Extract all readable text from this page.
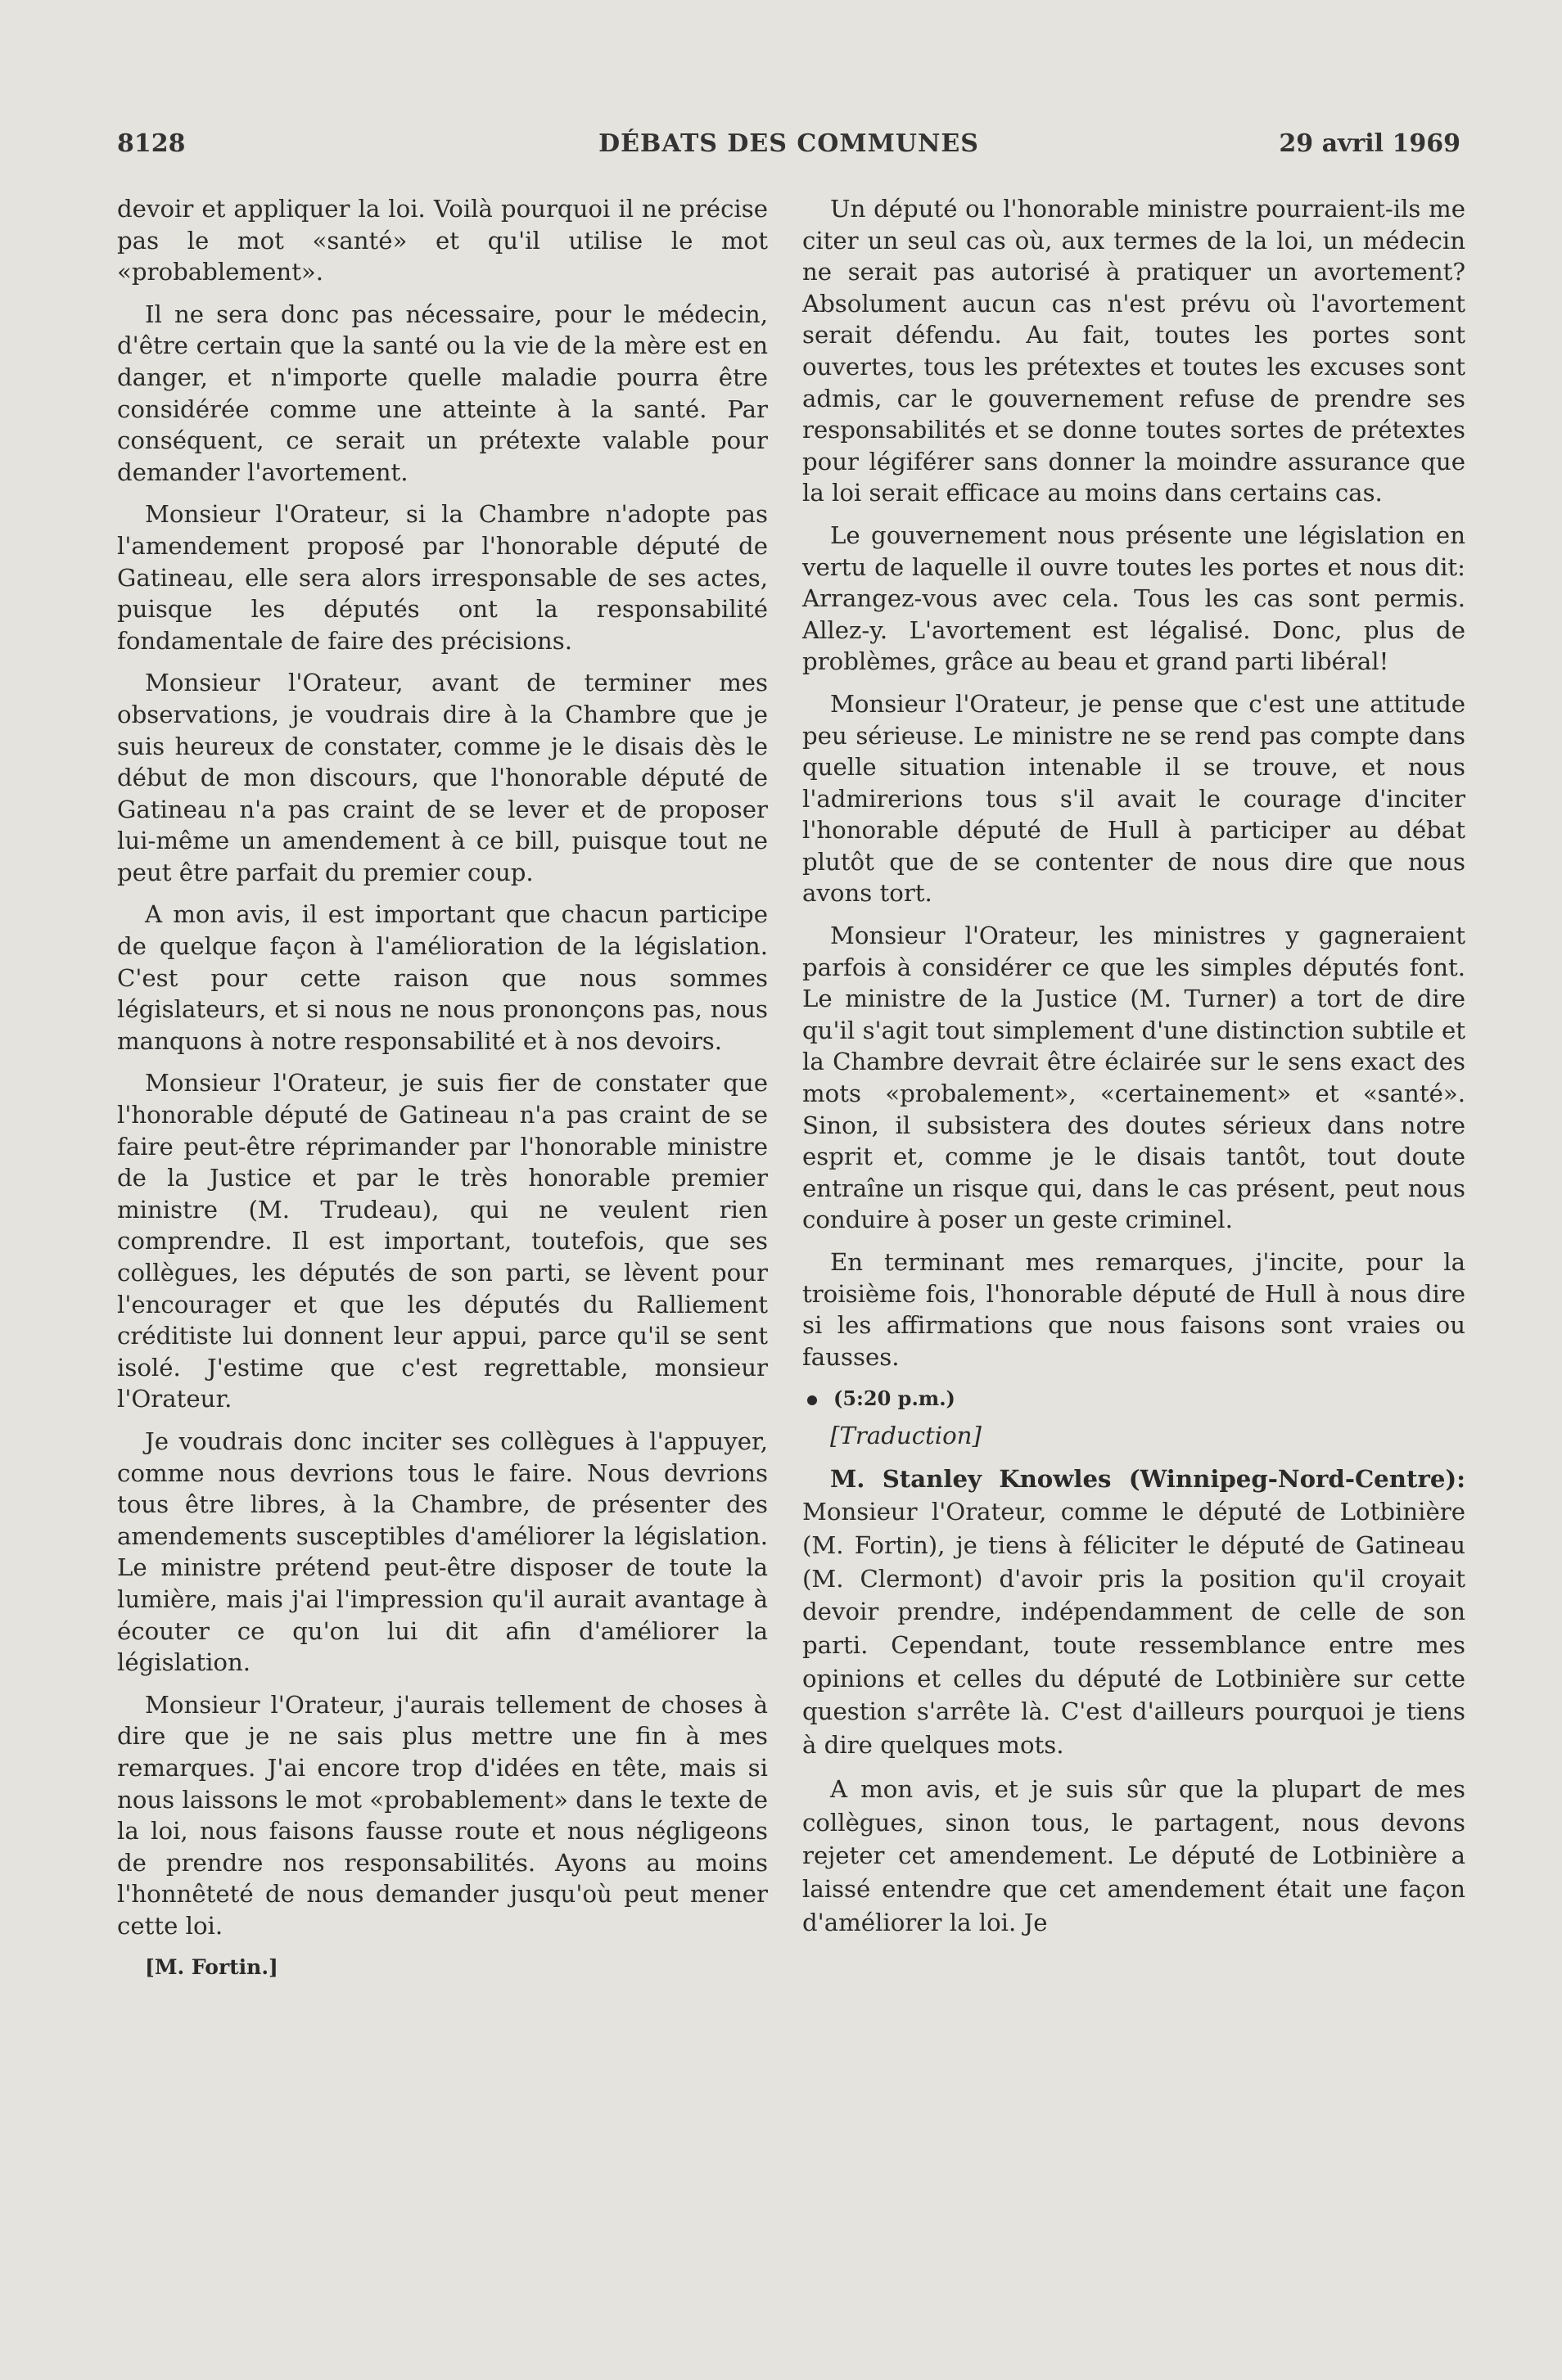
8128	DÉBATS DES COMMUNES	29 avril 1969

devoir et appliquer la loi. Voilà pourquoi il ne précise pas le mot «santé» et qu'il utilise le mot «probablement».

Il ne sera donc pas nécessaire, pour le médecin, d'être certain que la santé ou la vie de la mère est en danger, et n'importe quelle maladie pourra être considérée comme une atteinte à la santé. Par conséquent, ce serait un prétexte valable pour demander l'avortement.

Monsieur l'Orateur, si la Chambre n'adopte pas l'amendement proposé par l'honorable député de Gatineau, elle sera alors irresponsable de ses actes, puisque les députés ont la responsabilité fondamentale de faire des précisions.

Monsieur l'Orateur, avant de terminer mes observations, je voudrais dire à la Chambre que je suis heureux de constater, comme je le disais dès le début de mon discours, que l'honorable député de Gatineau n'a pas craint de se lever et de proposer lui-même un amendement à ce bill, puisque tout ne peut être parfait du premier coup.

A mon avis, il est important que chacun participe de quelque façon à l'amélioration de la législation. C'est pour cette raison que nous sommes législateurs, et si nous ne nous prononçons pas, nous manquons à notre responsabilité et à nos devoirs.

Monsieur l'Orateur, je suis fier de constater que l'honorable député de Gatineau n'a pas craint de se faire peut-être réprimander par l'honorable ministre de la Justice et par le très honorable premier ministre (M. Trudeau), qui ne veulent rien comprendre. Il est important, toutefois, que ses collègues, les députés de son parti, se lèvent pour l'encourager et que les députés du Ralliement créditiste lui donnent leur appui, parce qu'il se sent isolé. J'estime que c'est regrettable, monsieur l'Orateur.

Je voudrais donc inciter ses collègues à l'appuyer, comme nous devrions tous le faire. Nous devrions tous être libres, à la Chambre, de présenter des amendements susceptibles d'améliorer la législation. Le ministre prétend peut-être disposer de toute la lumière, mais j'ai l'impression qu'il aurait avantage à écouter ce qu'on lui dit afin d'améliorer la législation.

Monsieur l'Orateur, j'aurais tellement de choses à dire que je ne sais plus mettre une fin à mes remarques. J'ai encore trop d'idées en tête, mais si nous laissons le mot «probablement» dans le texte de la loi, nous faisons fausse route et nous négligeons de prendre nos responsabilités. Ayons au moins l'honnêteté de nous demander jusqu'où peut mener cette loi.

[M. Fortin.]

Un député ou l'honorable ministre pourraient-ils me citer un seul cas où, aux termes de la loi, un médecin ne serait pas autorisé à pratiquer un avortement? Absolument aucun cas n'est prévu où l'avortement serait défendu. Au fait, toutes les portes sont ouvertes, tous les prétextes et toutes les excuses sont admis, car le gouvernement refuse de prendre ses responsabilités et se donne toutes sortes de prétextes pour légiférer sans donner la moindre assurance que la loi serait efficace au moins dans certains cas.

Le gouvernement nous présente une législation en vertu de laquelle il ouvre toutes les portes et nous dit: Arrangez-vous avec cela. Tous les cas sont permis. Allez-y. L'avortement est légalisé. Donc, plus de problèmes, grâce au beau et grand parti libéral!

Monsieur l'Orateur, je pense que c'est une attitude peu sérieuse. Le ministre ne se rend pas compte dans quelle situation intenable il se trouve, et nous l'admirerions tous s'il avait le courage d'inciter l'honorable député de Hull à participer au débat plutôt que de se contenter de nous dire que nous avons tort.

Monsieur l'Orateur, les ministres y gagneraient parfois à considérer ce que les simples députés font. Le ministre de la Justice (M. Turner) a tort de dire qu'il s'agit tout simplement d'une distinction subtile et la Chambre devrait être éclairée sur le sens exact des mots «probalement», «certainement» et «santé». Sinon, il subsistera des doutes sérieux dans notre esprit et, comme je le disais tantôt, tout doute entraîne un risque qui, dans le cas présent, peut nous conduire à poser un geste criminel.

En terminant mes remarques, j'incite, pour la troisième fois, l'honorable député de Hull à nous dire si les affirmations que nous faisons sont vraies ou fausses.

(5:20 p.m.)

[Traduction]

M. Stanley Knowles (Winnipeg-Nord-Centre): Monsieur l'Orateur, comme le député de Lotbinière (M. Fortin), je tiens à féliciter le député de Gatineau (M. Clermont) d'avoir pris la position qu'il croyait devoir prendre, indépendamment de celle de son parti. Cependant, toute ressemblance entre mes opinions et celles du député de Lotbinière sur cette question s'arrête là. C'est d'ailleurs pourquoi je tiens à dire quelques mots.

A mon avis, et je suis sûr que la plupart de mes collègues, sinon tous, le partagent, nous devons rejeter cet amendement. Le député de Lotbinière a laissé entendre que cet amendement était une façon d'améliorer la loi. Je
